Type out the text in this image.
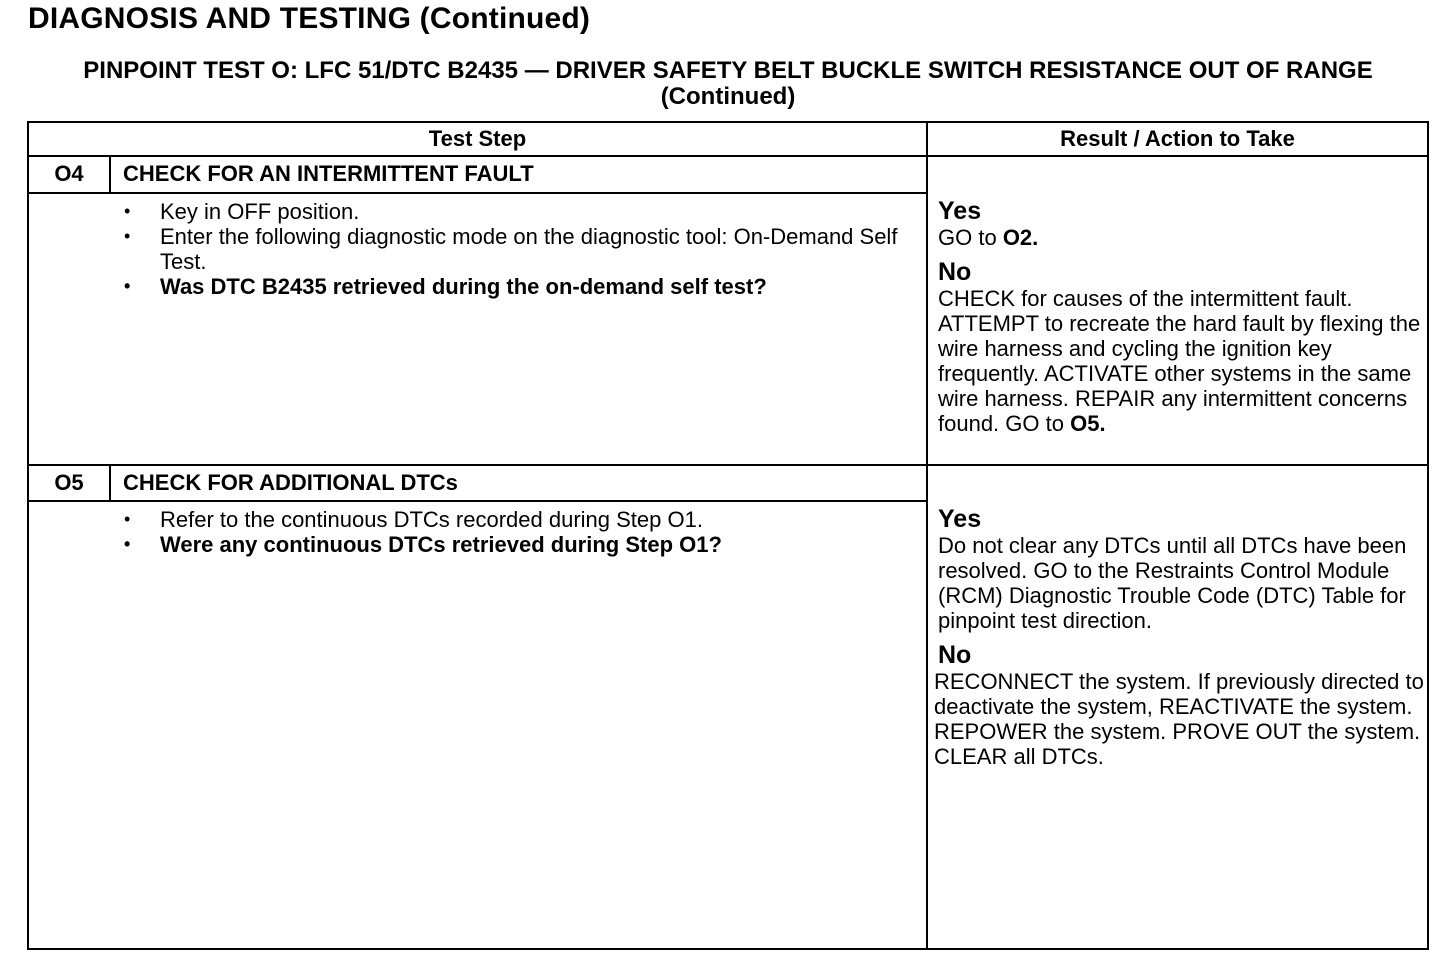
DIAGNOSIS AND TESTING (Continued)
PINPOINT TEST O: LFC 51/DTC B2435 — DRIVER SAFETY BELT BUCKLE SWITCH RESISTANCE OUT OF RANGE (Continued)
Test Step	Result / Action to Take
O4	CHECK FOR AN INTERMITTENT FAULT
• Key in OFF position.
• Enter the following diagnostic mode on the diagnostic tool: On-Demand Self Test.
• Was DTC B2435 retrieved during the on-demand self test?
Yes
GO to O2.
No
CHECK for causes of the intermittent fault. ATTEMPT to recreate the hard fault by flexing the wire harness and cycling the ignition key frequently. ACTIVATE other systems in the same wire harness. REPAIR any intermittent concerns found. GO to O5.
O5	CHECK FOR ADDITIONAL DTCs
• Refer to the continuous DTCs recorded during Step O1.
• Were any continuous DTCs retrieved during Step O1?
Yes
Do not clear any DTCs until all DTCs have been resolved. GO to the Restraints Control Module (RCM) Diagnostic Trouble Code (DTC) Table for pinpoint test direction.
No
RECONNECT the system. If previously directed to deactivate the system, REACTIVATE the system. REPOWER the system. PROVE OUT the system. CLEAR all DTCs.
